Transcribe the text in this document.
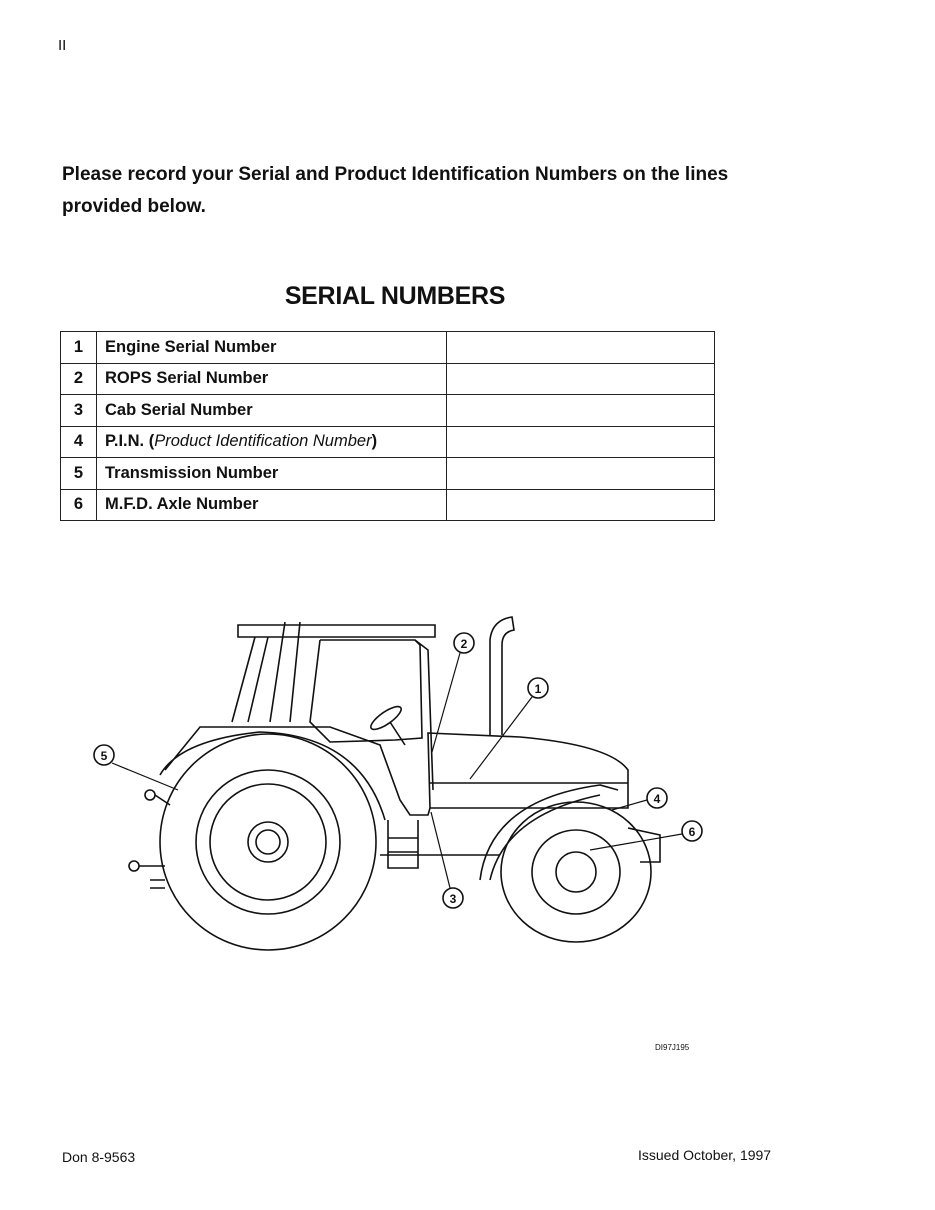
II
Please record your Serial and Product Identification Numbers on the lines provided below.
SERIAL NUMBERS
1	Engine Serial Number	
2	ROPS Serial Number	
3	Cab Serial Number	
4	P.I.N. (Product Identification Number)	
5	Transmission Number	
6	M.F.D. Axle Number	
1
2
3
4
5
6
DI97J195
Don 8-9563	Issued October, 1997
